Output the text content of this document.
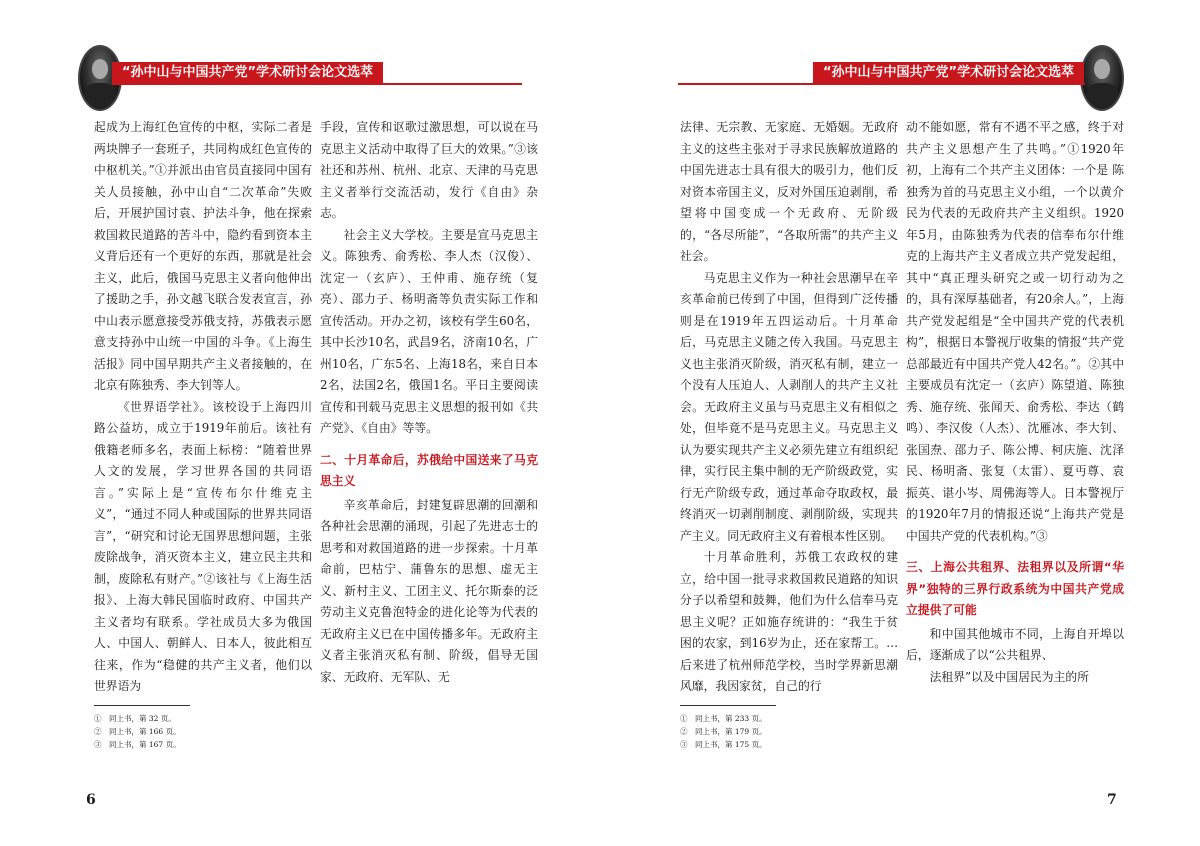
“孙中山与中国共产党”学术研讨会论文选萃

起成为上海红色宣传的中枢，实际二者是两块牌子一套班子，共同构成红色宣传的中枢机关。”①并派出由官员直接同中国有关人员接触，孙中山自“二次革命”失败后，开展护国讨袁、护法斗争，他在探索救国救民道路的苦斗中，隐约看到资本主义背后还有一个更好的东西，那就是社会主义，此后，俄国马克思主义者向他伸出了援助之手，孙文越飞联合发表宣言，孙中山表示愿意接受苏俄支持，苏俄表示愿意支持孙中山统一中国的斗争。《上海生活报》同中国早期共产主义者接触的，在北京有陈独秀、李大钊等人。

《世界语学社》。该校设于上海四川路公益坊，成立于1919年前后。该社有俄籍老师多名，表面上标榜：“随着世界人文的发展，学习世界各国的共同语言。”实际上是“宣传布尔什维克主义”，“通过不同人种或国际的世界共同语言”，“研究和讨论无国界思想问题，主张废除战争，消灭资本主义，建立民主共和制，废除私有财产。”②该社与《上海生活报》、上海大韩民国临时政府、中国共产主义者均有联系。学社成员大多为俄国人、中国人、朝鲜人、日本人，彼此相互往来，作为“稳健的共产主义者，他们以世界语为

手段，宣传和讴歌过激思想，可以说在马克思主义活动中取得了巨大的效果。”③该社还和苏州、杭州、北京、天津的马克思主义者举行交流活动，发行《自由》杂志。

社会主义大学校。主要是宣马克思主义。陈独秀、俞秀松、李人杰（汉俊）、沈定一（玄庐）、王仲甫、施存统（复亮）、邵力子、杨明斋等负责实际工作和宣传活动。开办之初，该校有学生60名，其中长沙10名，武昌9名，济南10名，广州10名，广东5名、上海18名，来自日本2名，法国2名，俄国1名。平日主要阅读宣传和刊载马克思主义思想的报刊如《共产党》、《自由》等等。

二、十月革命后，苏俄给中国送来了马克思主义

辛亥革命后，封建复辟思潮的回潮和各种社会思潮的涌现，引起了先进志士的思考和对救国道路的进一步探索。十月革命前，巴枯宁、蒲鲁东的思想、虚无主义、新村主义、工团主义、托尔斯泰的泛劳动主义克鲁泡特金的进化论等为代表的无政府主义已在中国传播多年。无政府主义者主张消灭私有制、阶级，倡导无国家、无政府、无军队、无

①　同上书，第 32 页。
②　同上书，第 166 页。
③　同上书，第 167 页。
6
“孙中山与中国共产党”学术研讨会论文选萃

法律、无宗教、无家庭、无婚姻。无政府主义的这些主张对于寻求民族解放道路的中国先进志士具有很大的吸引力，他们反对资本帝国主义，反对外国压迫剥削，希望将中国变成一个无政府、无阶级的，“各尽所能”，“各取所需”的共产主义社会。

马克思主义作为一种社会思潮早在辛亥革命前已传到了中国，但得到广泛传播则是在1919年五四运动后。十月革命后，马克思主义随之传入我国。马克思主义也主张消灭阶级，消灭私有制，建立一个没有人压迫人、人剥削人的共产主义社会。无政府主义虽与马克思主义有相似之处，但毕竟不是马克思主义。马克思主义认为要实现共产主义必须先建立有组织纪律，实行民主集中制的无产阶级政党，实行无产阶级专政，通过革命夺取政权，最终消灭一切剥削制度、剥削阶级，实现共产主义。同无政府主义有着根本性区别。

十月革命胜利，苏俄工农政权的建立，给中国一批寻求救国救民道路的知识分子以希望和鼓舞，他们为什么信奉马克思主义呢？正如施存统讲的：“我生于贫困的农家，到16岁为止，还在家帮工。…后来进了杭州师范学校，当时学界新思潮风靡，我因家贫，自己的行

动不能如愿，常有不遇不平之感，终于对共产主义思想产生了共鸣。”①1920年初，上海有二个共产主义团体：一个是 陈独秀为首的马克思主义小组，一个以黄介民为代表的无政府共产主义组织。1920年5月，由陈独秀为代表的信奉布尔什维克的上海共产主义者成立共产党发起组，其中“真正理头研究之或一切行动为之的，具有深厚基础者，有20余人。”，上海共产党发起组是“全中国共产党的代表机构”，根据日本警视厅收集的情报“共产党总部最近有中国共产党人42名。”。②其中主要成员有沈定一（玄庐）陈望道、陈独秀、施存统、张闻天、俞秀松、李达（鹤鸣）、李汉俊（人杰）、沈雁冰、李大钊、张国焘、邵力子、陈公博、柯庆施、沈泽民、杨明斋、张复（太雷）、夏丏尊、袁振英、谌小岑、周佛海等人。日本警视厅的1920年7月的情报还说“上海共产党是中国共产党的代表机构。”③

三、上海公共租界、法租界以及所谓“华界”独特的三界行政系统为中国共产党成立提供了可能

和中国其他城市不同，上海自开埠以后，逐渐成了以“公共租界、

法租界”以及中国居民为主的所

①　同上书，第 233 页。
②　同上书，第 179 页。
③　同上书，第 175 页。
7
